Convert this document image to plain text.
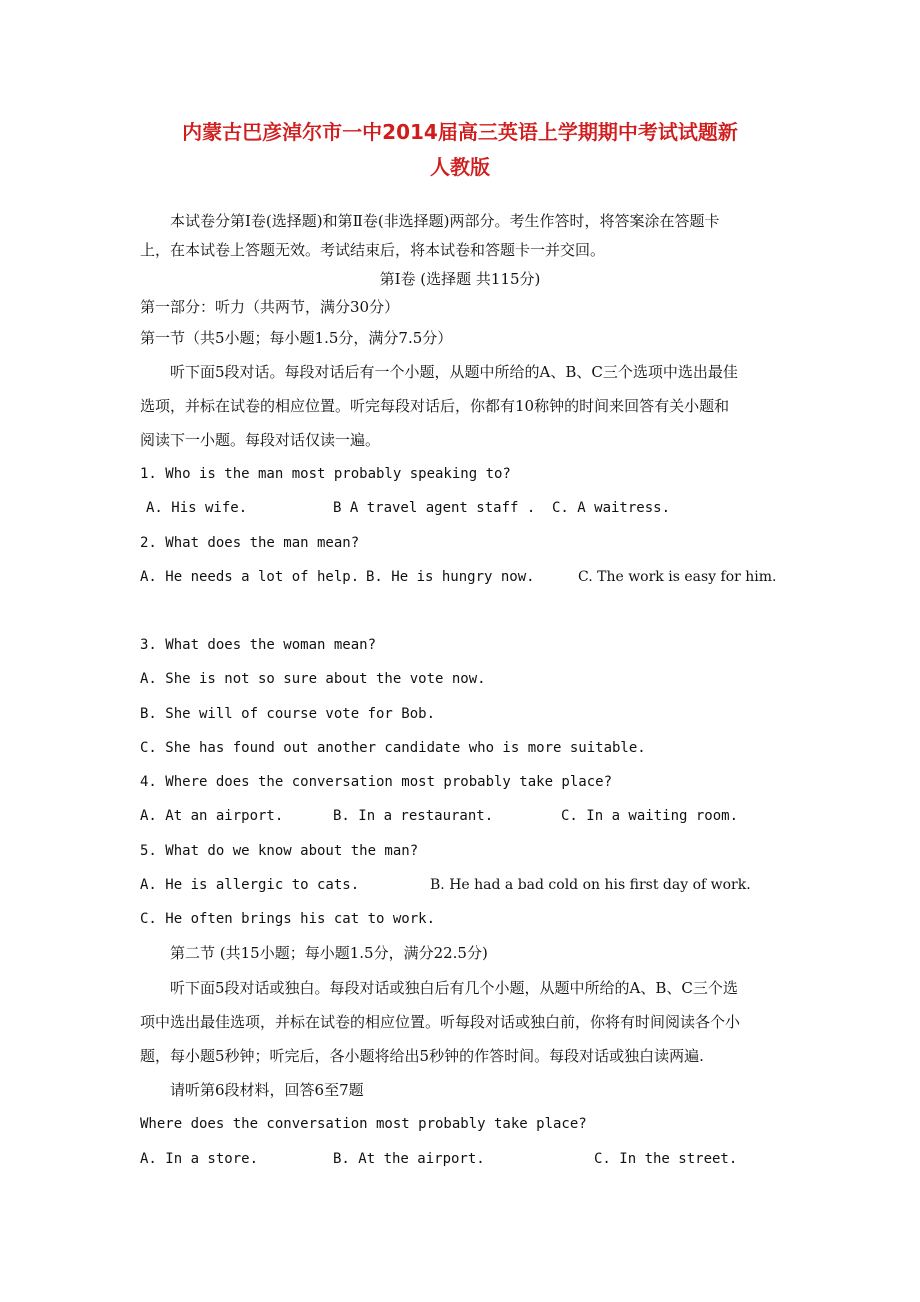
内蒙古巴彦淖尔市一中2014届高三英语上学期期中考试试题新
人教版
本试卷分第Ⅰ卷(选择题)和第Ⅱ卷(非选择题)两部分。考生作答时，将答案涂在答题卡
上，在本试卷上答题无效。考试结束后，将本试卷和答题卡一并交回。
第Ⅰ卷 (选择题 共115分)
第一部分：听力（共两节，满分30分）
第一节（共5小题；每小题1.5分，满分7.5分）
听下面5段对话。每段对话后有一个小题，从题中所给的A、B、C三个选项中选出最佳
选项，并标在试卷的相应位置。听完每段对话后，你都有10称钟的时间来回答有关小题和
阅读下一小题。每段对话仅读一遍。
1. Who is the man most probably speaking to?
A. His wife.	B A travel agent staff . C. A waitress.
2. What does the man mean?
A. He needs a lot of help. B. He is hungry now.	C. The work is easy for him.
3. What does the woman mean?
A. She is not so sure about the vote now.
B. She will of course vote for Bob.
C. She has found out another candidate who is more suitable.
4. Where does the conversation most probably take place?
A. At an airport.	B. In a restaurant.	C. In a waiting room.
5. What do we know about the man?
A. He is allergic to cats.	B. He had a bad cold on his first day of work.
C. He often brings his cat to work.
第二节 (共15小题；每小题1.5分，满分22.5分)
听下面5段对话或独白。每段对话或独白后有几个小题，从题中所给的A、B、C三个选
项中选出最佳选项，并标在试卷的相应位置。听每段对话或独白前，你将有时间阅读各个小
题，每小题5秒钟；听完后，各小题将给出5秒钟的作答时间。每段对话或独白读两遍.
请听第6段材料，回答6至7题
Where does the conversation most probably take place?
A. In a store.	B. At the airport.	C. In the street.
